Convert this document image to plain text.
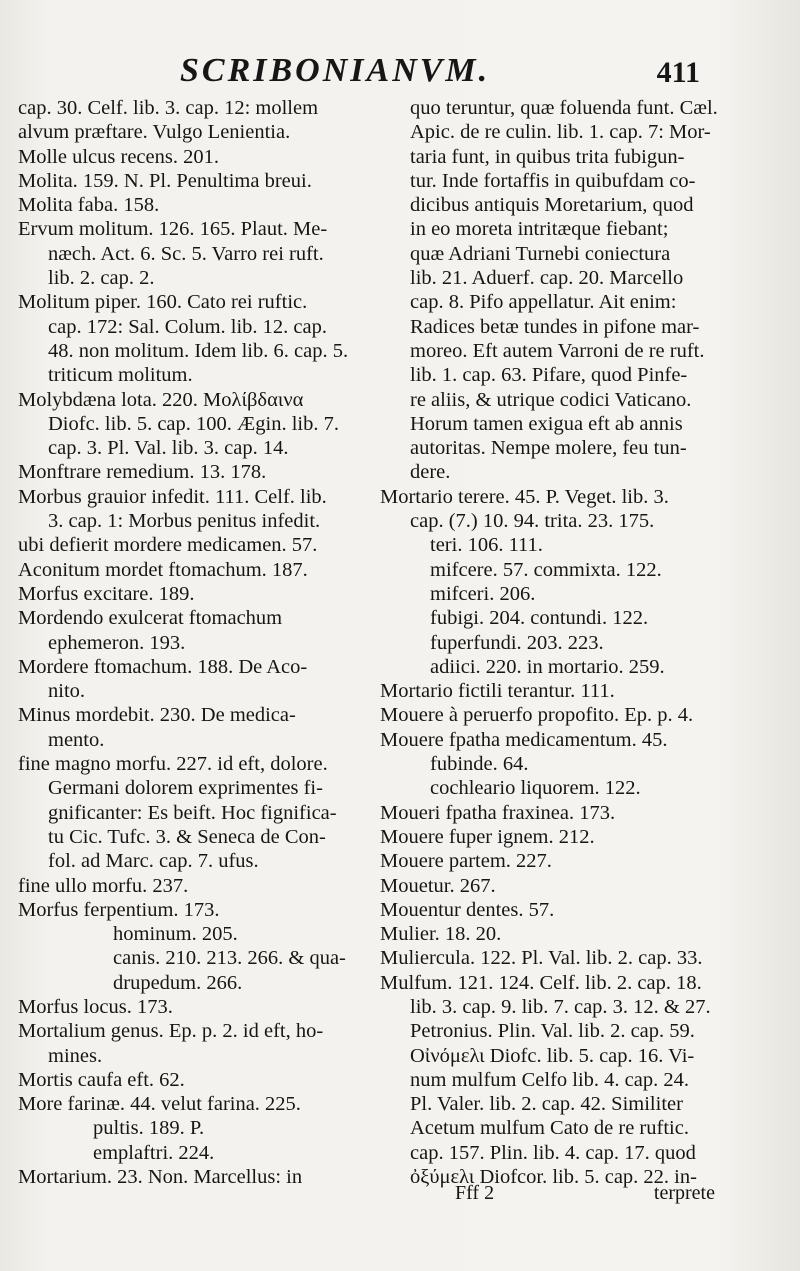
SCRIBONIANVM.	411
cap. 30. Celf. lib. 3. cap. 12: mollem
alvum præftare. Vulgo Lenientia.
Molle ulcus recens. 201.
Molita. 159. N. Pl. Penultima breui.
Molita faba. 158.
Ervum molitum. 126. 165. Plaut. Me-
næch. Act. 6. Sc. 5. Varro rei ruft.
lib. 2. cap. 2.
Molitum piper. 160. Cato rei ruftic.
cap. 172: Sal. Colum. lib. 12. cap.
48. non molitum. Idem lib. 6. cap. 5.
triticum molitum.
Molybdæna lota. 220. Μολίβδαινα
Diofc. lib. 5. cap. 100. Ægin. lib. 7.
cap. 3. Pl. Val. lib. 3. cap. 14.
Monftrare remedium. 13. 178.
Morbus grauior infedit. 111. Celf. lib.
3. cap. 1: Morbus penitus infedit.
ubi defierit mordere medicamen. 57.
Aconitum mordet ftomachum. 187.
Morfus excitare. 189.
Mordendo exulcerat ftomachum
ephemeron. 193.
Mordere ftomachum. 188. De Aco-
nito.
Minus mordebit. 230. De medica-
mento.
fine magno morfu. 227. id eft, dolore.
Germani dolorem exprimentes fi-
gnificanter: Es beift. Hoc fignifica-
tu Cic. Tufc. 3. & Seneca de Con-
fol. ad Marc. cap. 7. ufus.
fine ullo morfu. 237.
Morfus ferpentium. 173.
hominum. 205.
canis. 210. 213. 266. & qua-
drupedum. 266.
Morfus locus. 173.
Mortalium genus. Ep. p. 2. id eft, ho-
mines.
Mortis caufa eft. 62.
More farinæ. 44. velut farina. 225.
pultis. 189. P.
emplaftri. 224.
Mortarium. 23. Non. Marcellus: in
quo teruntur, quæ foluenda funt. Cæl.
Apic. de re culin. lib. 1. cap. 7: Mor-
taria funt, in quibus trita fubigun-
tur. Inde fortaffis in quibufdam co-
dicibus antiquis Moretarium, quod
in eo moreta intritæque fiebant;
quæ Adriani Turnebi coniectura
lib. 21. Aduerf. cap. 20. Marcello
cap. 8. Pifo appellatur. Ait enim:
Radices betæ tundes in pifone mar-
moreo. Eft autem Varroni de re ruft.
lib. 1. cap. 63. Pifare, quod Pinfe-
re aliis, & utrique codici Vaticano.
Horum tamen exigua eft ab annis
autoritas. Nempe molere, feu tun-
dere.
Mortario terere. 45. P. Veget. lib. 3.
cap. (7.) 10. 94. trita. 23. 175.
teri. 106. 111.
mifcere. 57. commixta. 122.
mifceri. 206.
fubigi. 204. contundi. 122.
fuperfundi. 203. 223.
adiici. 220. in mortario. 259.
Mortario fictili terantur. 111.
Mouere à peruerfo propofito. Ep. p. 4.
Mouere fpatha medicamentum. 45.
fubinde. 64.
cochleario liquorem. 122.
Moueri fpatha fraxinea. 173.
Mouere fuper ignem. 212.
Mouere partem. 227.
Mouetur. 267.
Mouentur dentes. 57.
Mulier. 18. 20.
Muliercula. 122. Pl. Val. lib. 2. cap. 33.
Mulfum. 121. 124. Celf. lib. 2. cap. 18.
lib. 3. cap. 9. lib. 7. cap. 3. 12. & 27.
Petronius. Plin. Val. lib. 2. cap. 59.
Οἰνόμελι Diofc. lib. 5. cap. 16. Vi-
num mulfum Celfo lib. 4. cap. 24.
Pl. Valer. lib. 2. cap. 42. Similiter
Acetum mulfum Cato de re ruftic.
cap. 157. Plin. lib. 4. cap. 17. quod
ὀξύμελι Diofcor. lib. 5. cap. 22. in-
Fff 2	terprete
